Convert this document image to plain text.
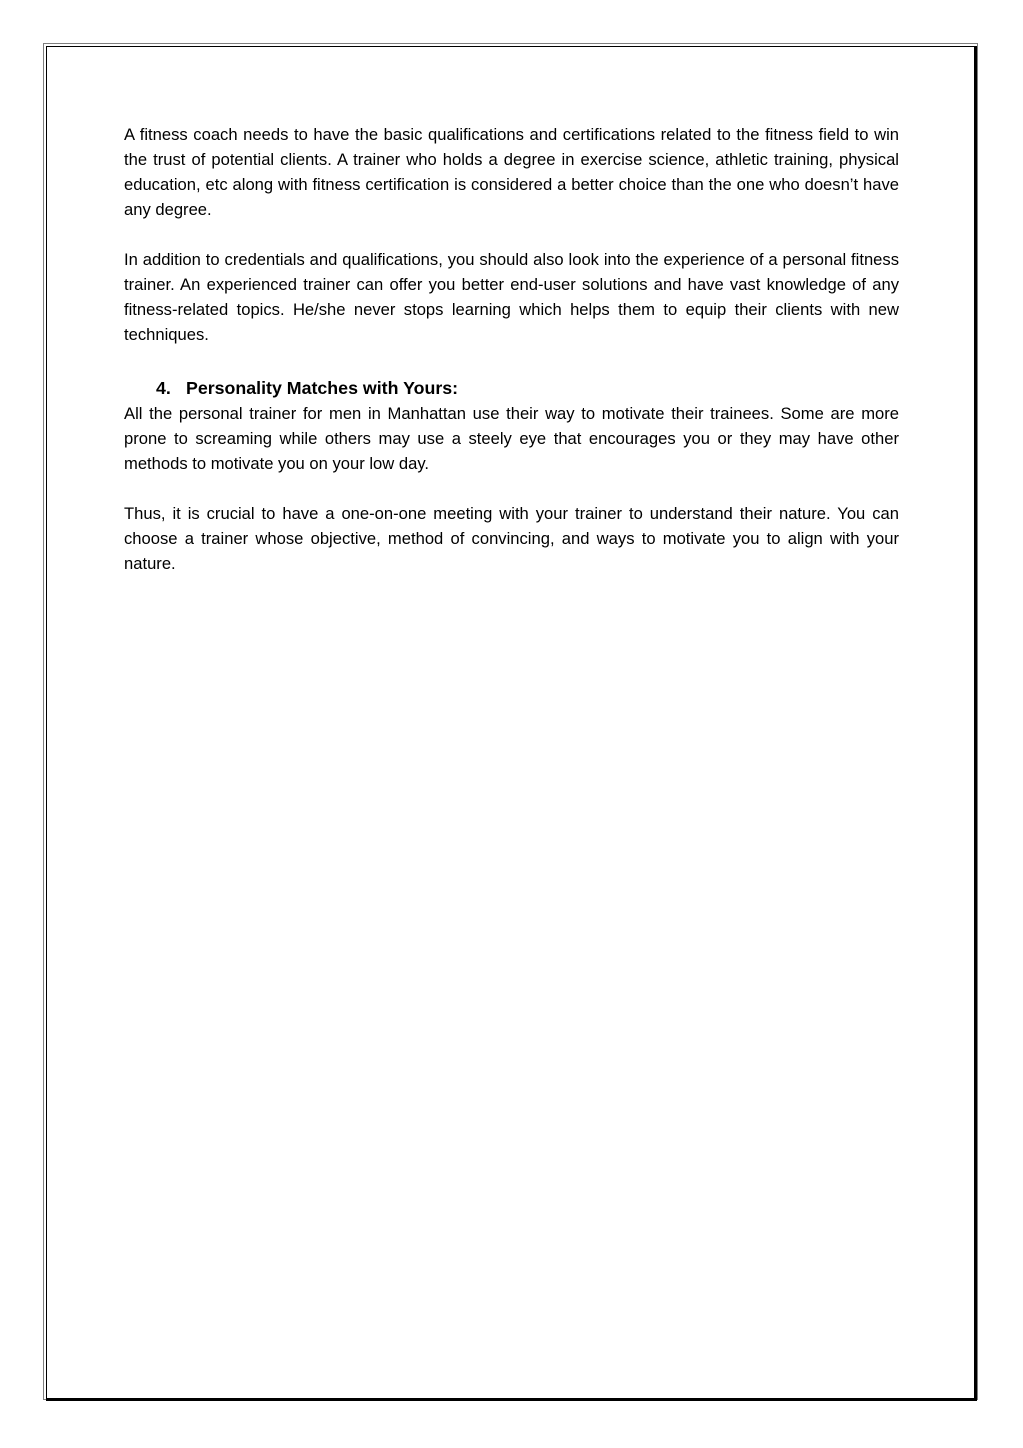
A fitness coach needs to have the basic qualifications and certifications related to the fitness field to win the trust of potential clients. A trainer who holds a degree in exercise science, athletic training, physical education, etc along with fitness certification is considered a better choice than the one who doesn’t have any degree.

In addition to credentials and qualifications, you should also look into the experience of a personal fitness trainer. An experienced trainer can offer you better end-user solutions and have vast knowledge of any fitness-related topics. He/she never stops learning which helps them to equip their clients with new techniques.

4. Personality Matches with Yours:

All the personal trainer for men in Manhattan use their way to motivate their trainees. Some are more prone to screaming while others may use a steely eye that encourages you or they may have other methods to motivate you on your low day.

Thus, it is crucial to have a one-on-one meeting with your trainer to understand their nature. You can choose a trainer whose objective, method of convincing, and ways to motivate you to align with your nature.
